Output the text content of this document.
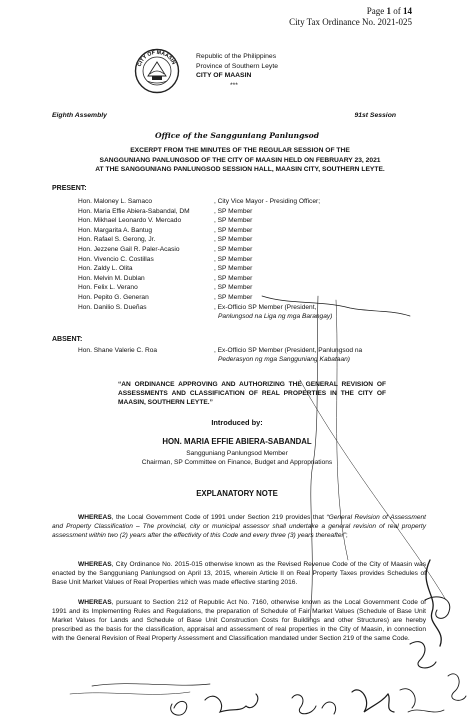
Page 1 of 14
City Tax Ordinance No. 2021-025
CITY OF MAASIN
Republic of the Philippines
Province of Southern Leyte
CITY OF MAASIN
***
Eighth Assembly	91st Session
Office of the Sangguniang Panlungsod
EXCERPT FROM THE MINUTES OF THE REGULAR SESSION OF THE
SANGGUNIANG PANLUNGSOD OF THE CITY OF MAASIN HELD ON FEBRUARY 23, 2021
AT THE SANGGUNIANG PANLUNGSOD SESSION HALL, MAASIN CITY, SOUTHERN LEYTE.
PRESENT:
Hon. Maloney L. Samaco	, City Vice Mayor - Presiding Officer;
Hon. Maria Effie Abiera-Sabandal, DM	, SP Member
Hon. Mikhael Leonardo V. Mercado	, SP Member
Hon. Margarita A. Bantug	, SP Member
Hon. Rafael S. Gerong, Jr.	, SP Member
Hon. Jezzene Gail R. Paler-Acasio	, SP Member
Hon. Vivencio C. Costillas	, SP Member
Hon. Zaldy L. Olita	, SP Member
Hon. Melvin M. Dublan	, SP Member
Hon. Felix L. Verano	, SP Member
Hon. Pepito G. Generan	, SP Member
Hon. Danilio S. Dueñas	, Ex-Officio SP Member (President,
Panlungsod na Liga ng mga Barangay)
ABSENT:
Hon. Shane Valerie C. Roa	, Ex-Officio SP Member (President, Panlungsod na
Pederasyon ng mga Sangguniang Kabataan)
“AN ORDINANCE APPROVING AND AUTHORIZING THE GENERAL REVISION OF ASSESSMENTS AND CLASSIFICATION OF REAL PROPERTIES IN THE CITY OF MAASIN, SOUTHERN LEYTE.”
Introduced by:
HON. MARIA EFFIE ABIERA-SABANDAL
Sangguniang Panlungsod Member
Chairman, SP Committee on Finance, Budget and Appropriations
EXPLANATORY NOTE
WHEREAS, the Local Government Code of 1991 under Section 219 provides that “General Revision of Assessment and Property Classification – The provincial, city or municipal assessor shall undertake a general revision of real property assessment within two (2) years after the effectivity of this Code and every three (3) years thereafter”;
WHEREAS, City Ordinance No. 2015-015 otherwise known as the Revised Revenue Code of the City of Maasin was enacted by the Sangguniang Panlungsod on April 13, 2015, wherein Article II on Real Property Taxes provides Schedules of Base Unit Market Values of Real Properties which was made effective starting 2016.
WHEREAS, pursuant to Section 212 of Republic Act No. 7160, otherwise known as the Local Government Code of 1991 and its Implementing Rules and Regulations, the preparation of Schedule of Fair Market Values (Schedule of Base Unit Market Values for Lands and Schedule of Base Unit Construction Costs for Buildings and other Structures) are hereby prescribed as the basis for the classification, appraisal and assessment of real properties in the City of Maasin, in connection with the General Revision of Real Property Assessment and Classification mandated under Section 219 of the same Code.
